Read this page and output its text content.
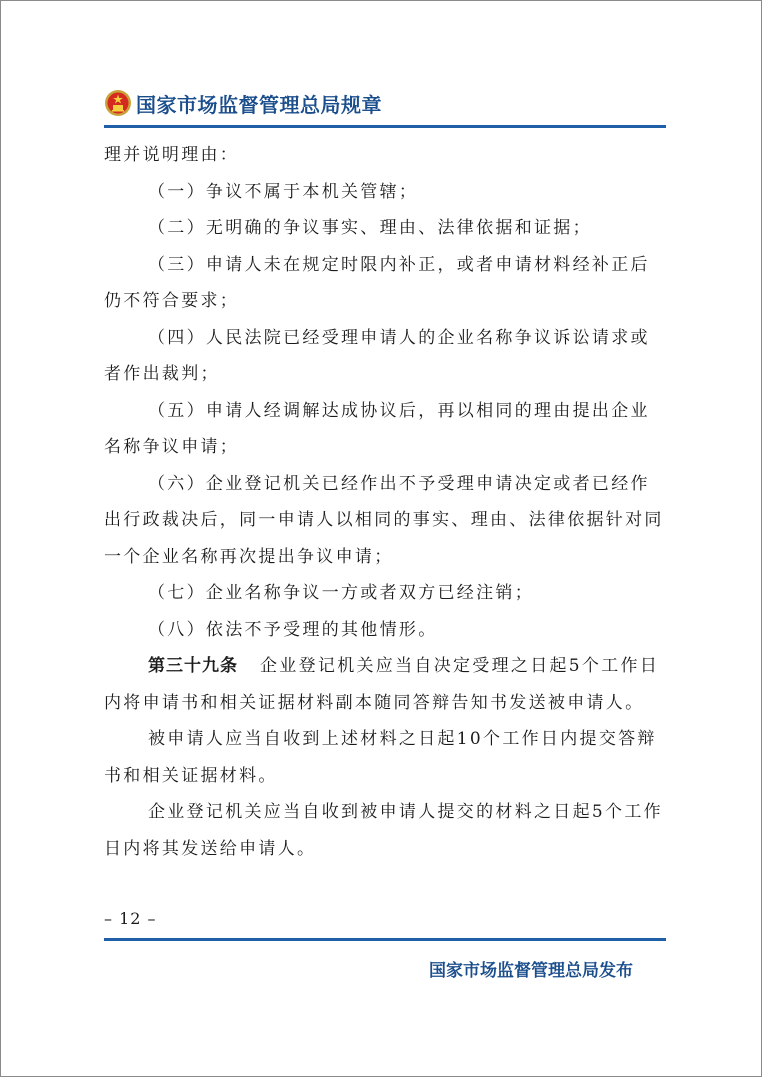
国家市场监督管理总局规章

理并说明理由：

（一）争议不属于本机关管辖；

（二）无明确的争议事实、理由、法律依据和证据；

（三）申请人未在规定时限内补正，或者申请材料经补正后仍不符合要求；

（四）人民法院已经受理申请人的企业名称争议诉讼请求或者作出裁判；

（五）申请人经调解达成协议后，再以相同的理由提出企业名称争议申请；

（六）企业登记机关已经作出不予受理申请决定或者已经作出行政裁决后，同一申请人以相同的事实、理由、法律依据针对同一个企业名称再次提出争议申请；

（七）企业名称争议一方或者双方已经注销；

（八）依法不予受理的其他情形。

第三十九条 企业登记机关应当自决定受理之日起5个工作日内将申请书和相关证据材料副本随同答辩告知书发送被申请人。

被申请人应当自收到上述材料之日起10个工作日内提交答辩书和相关证据材料。

企业登记机关应当自收到被申请人提交的材料之日起5个工作日内将其发送给申请人。

– 12 –
国家市场监督管理总局发布
